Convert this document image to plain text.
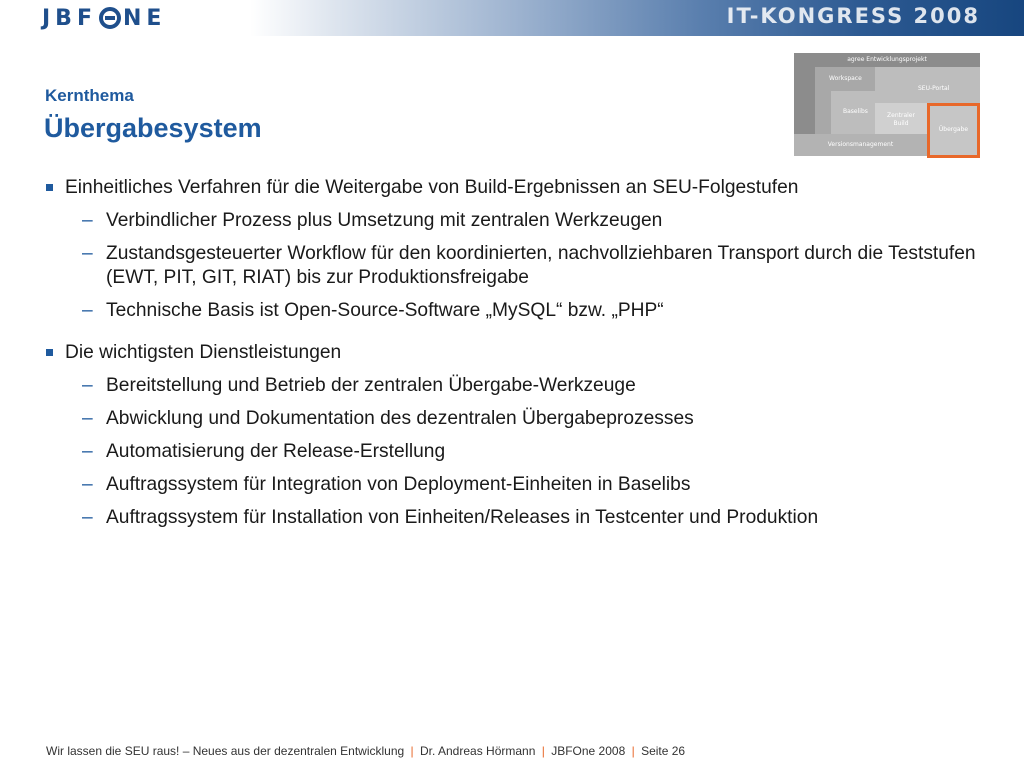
JBF NE	IT-KONGRESS 2008
Kernthema
Übergabesystem
agree Entwicklungsprojekt
Workspace
SEU-Portal
Baselibs
Zentraler
Build
Übergabe
Versionsmanagement
Einheitliches Verfahren für die Weitergabe von Build-Ergebnissen an SEU-Folgestufen
– Verbindlicher Prozess plus Umsetzung mit zentralen Werkzeugen
– Zustandsgesteuerter Workflow für den koordinierten, nachvollziehbaren Transport durch die Teststufen (EWT, PIT, GIT, RIAT) bis zur Produktionsfreigabe
– Technische Basis ist Open-Source-Software „MySQL“ bzw. „PHP“
Die wichtigsten Dienstleistungen
– Bereitstellung und Betrieb der zentralen Übergabe-Werkzeuge
– Abwicklung und Dokumentation des dezentralen Übergabeprozesses
– Automatisierung der Release-Erstellung
– Auftragssystem für Integration von Deployment-Einheiten in Baselibs
– Auftragssystem für Installation von Einheiten/Releases in Testcenter und Produktion
Wir lassen die SEU raus! – Neues aus der dezentralen Entwicklung | Dr. Andreas Hörmann | JBFOne 2008 | Seite 26
